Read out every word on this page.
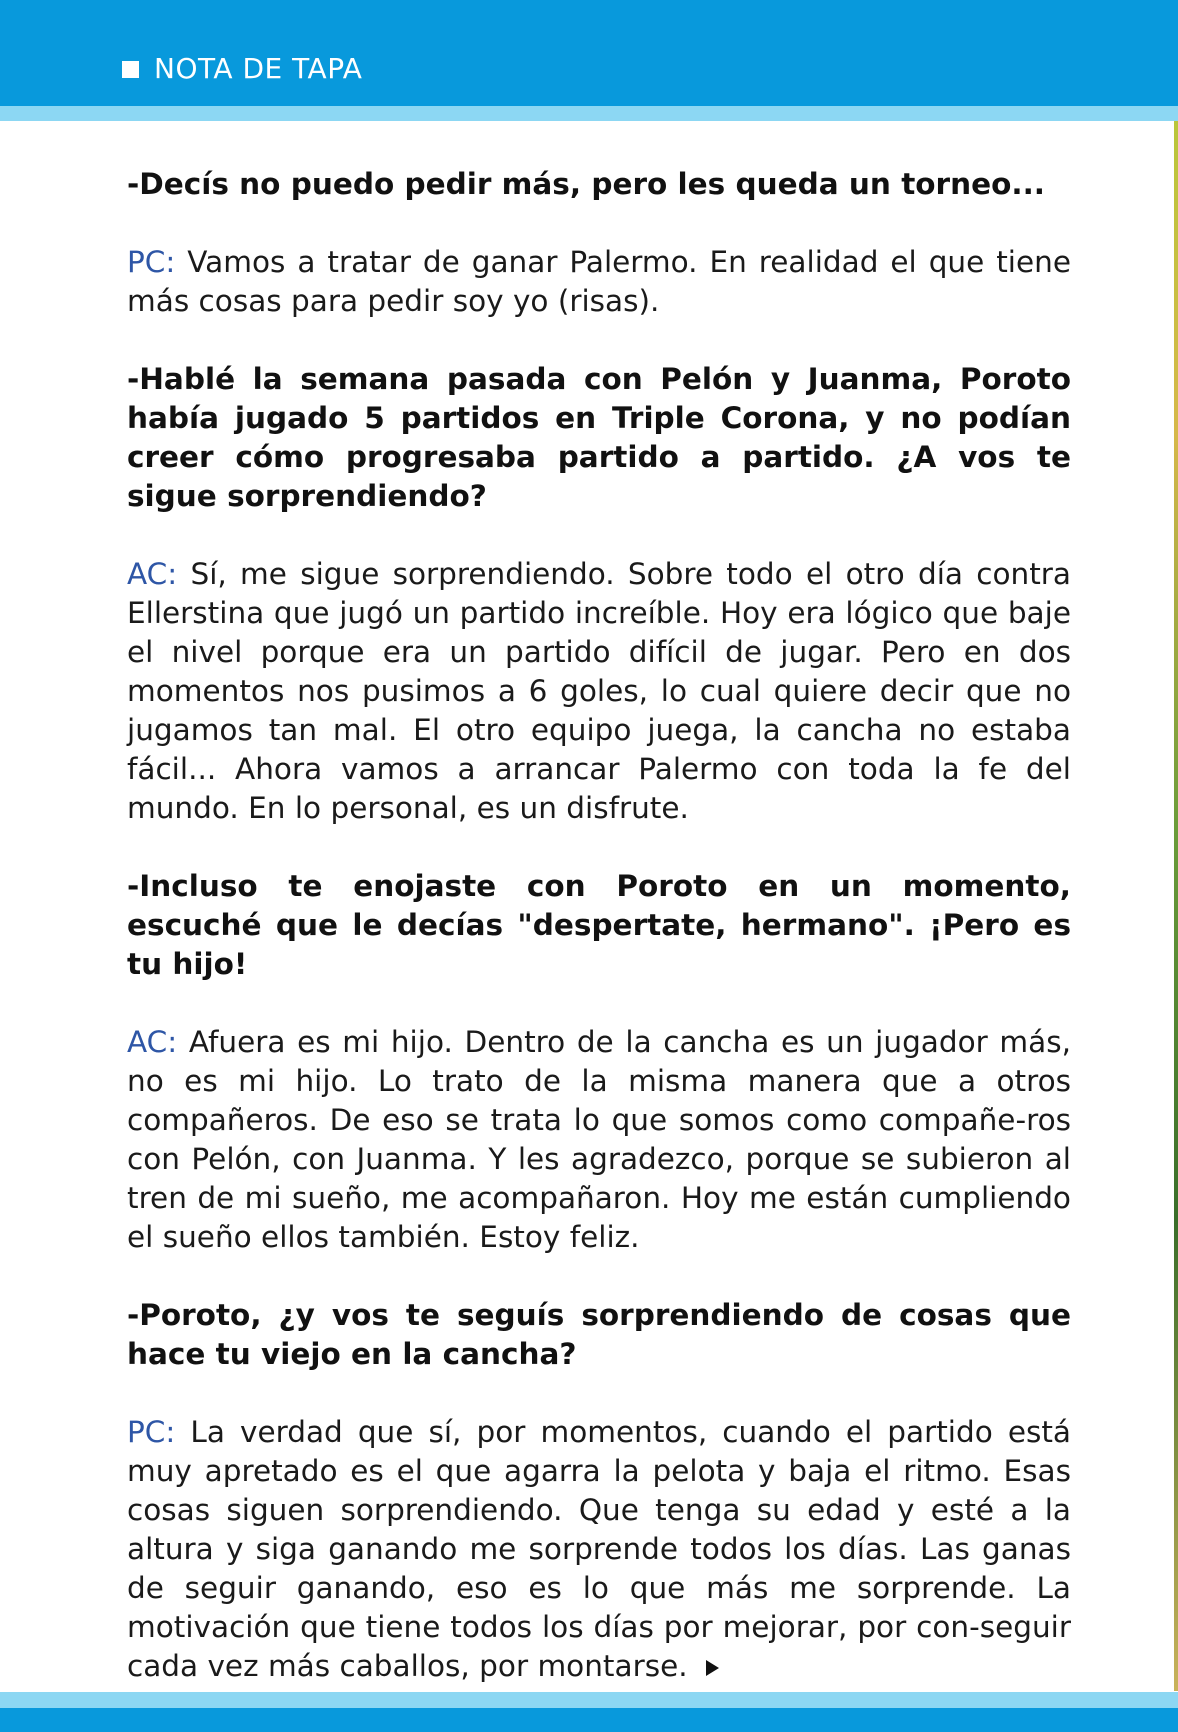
NOTA DE TAPA

-Decís no puedo pedir más, pero les queda un torneo...

PC: Vamos a tratar de ganar Palermo. En realidad el que tiene más cosas para pedir soy yo (risas).

-Hablé la semana pasada con Pelón y Juanma, Poroto había jugado 5 partidos en Triple Corona, y no podían creer cómo progresaba partido a partido. ¿A vos te sigue sorprendiendo?

AC: Sí, me sigue sorprendiendo. Sobre todo el otro día contra Ellerstina que jugó un partido increíble. Hoy era lógico que baje el nivel porque era un partido difícil de jugar. Pero en dos momentos nos pusimos a 6 goles, lo cual quiere decir que no jugamos tan mal. El otro equipo juega, la cancha no estaba fácil... Ahora vamos a arrancar Palermo con toda la fe del mundo. En lo personal, es un disfrute.

-Incluso te enojaste con Poroto en un momento, escuché que le decías "despertate, hermano". ¡Pero es tu hijo!

AC: Afuera es mi hijo. Dentro de la cancha es un jugador más, no es mi hijo. Lo trato de la misma manera que a otros compañeros. De eso se trata lo que somos como compañe-ros con Pelón, con Juanma. Y les agradezco, porque se subieron al tren de mi sueño, me acompañaron. Hoy me están cumpliendo el sueño ellos también. Estoy feliz.

-Poroto, ¿y vos te seguís sorprendiendo de cosas que hace tu viejo en la cancha?

PC: La verdad que sí, por momentos, cuando el partido está muy apretado es el que agarra la pelota y baja el ritmo. Esas cosas siguen sorprendiendo. Que tenga su edad y esté a la altura y siga ganando me sorprende todos los días. Las ganas de seguir ganando, eso es lo que más me sorprende. La motivación que tiene todos los días por mejorar, por con-seguir cada vez más caballos, por montarse.
